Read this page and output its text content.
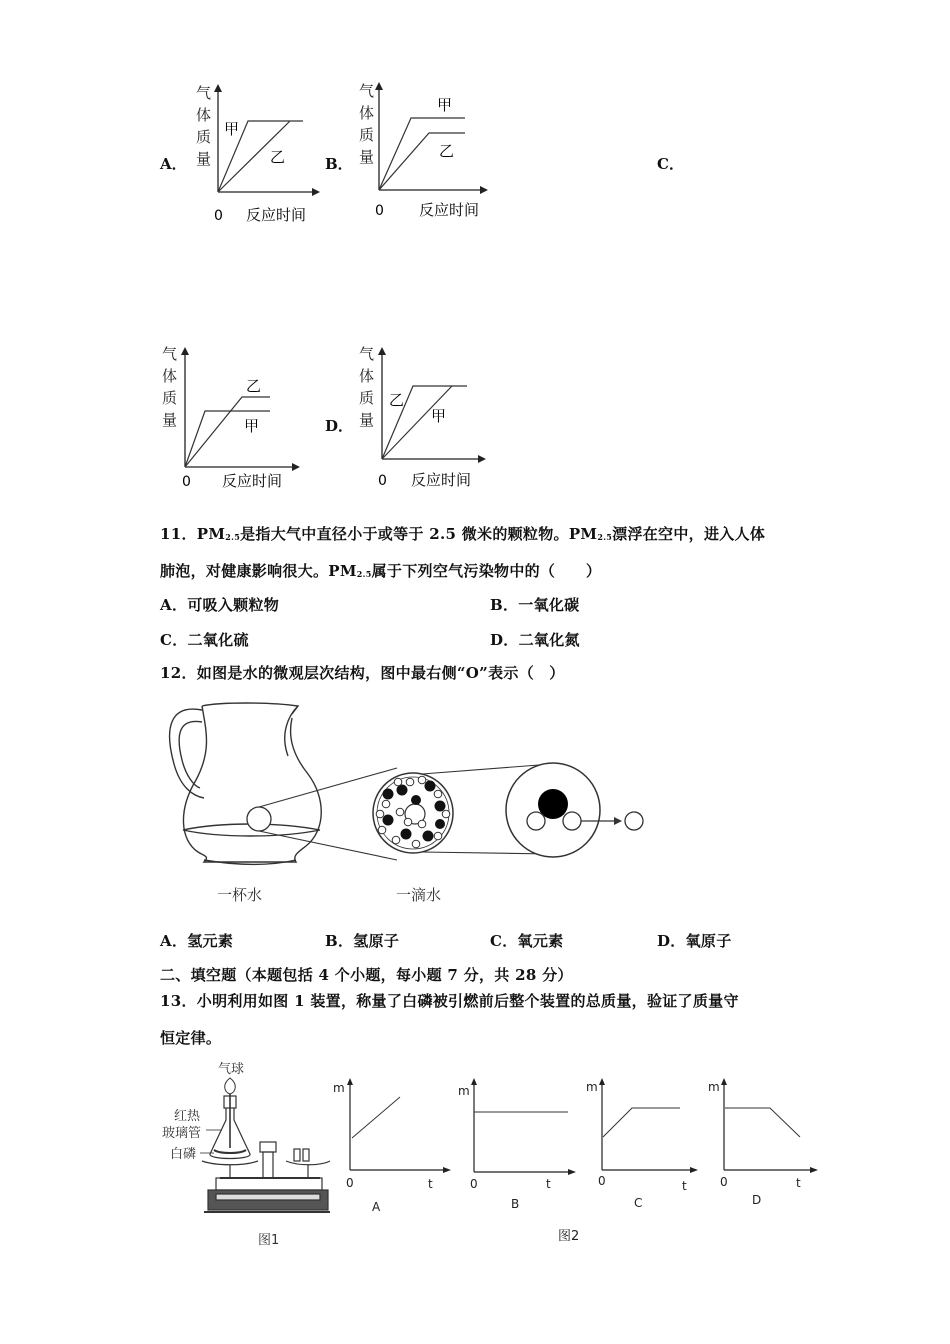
A．
气
体
质
量
甲
乙
0 反应时间
B．
气
体
质
量
甲
乙
0 反应时间
C．
气
体
质
量
乙
甲
0 反应时间
D．
气
体
质
量
乙
甲
0 反应时间
11．$PM_{2.5}$是指大气中直径小于或等于 2.5 微米的颗粒物。$PM_{2.5}$漂浮在空中，进入人体
肺泡，对健康影响很大。$PM_{2.5}$属于下列空气污染物中的（　　）
A．可吸入颗粒物	B．一氧化碳
C．二氧化硫	D．二氧化氮
12．如图是水的微观层次结构，图中最右侧“O”表示（　）
一杯水	一滴水
A．氢元素	B．氢原子	C．氧元素	D．氧原子
二、填空题（本题包括 4 个小题，每小题 7 分，共 28 分）
13．小明利用如图 1 装置，称量了白磷被引燃前后整个装置的总质量，验证了质量守
恒定律。
气球
红热
玻璃管
白磷
图1
m
0	t
A
m
0	t
B
m
0	t
C
m
0	t
D
图2
